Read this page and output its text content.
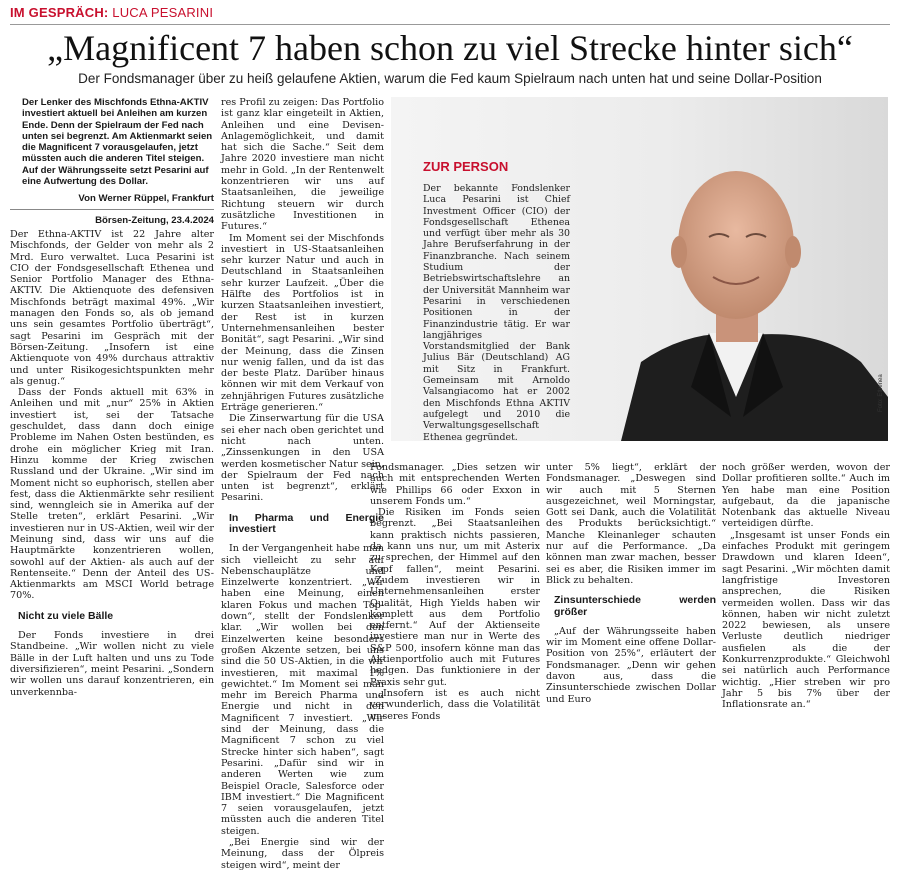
IM GESPRÄCH: LUCA PESARINI
„Magnificent 7 haben schon zu viel Strecke hinter sich“
Der Fondsmanager über zu heiß gelaufene Aktien, warum die Fed kaum Spielraum nach unten hat und seine Dollar-Position
Der Lenker des Mischfonds Ethna-AKTIV investiert aktuell bei Anleihen am kurzen Ende. Denn der Spielraum der Fed nach unten sei begrenzt. Am Aktienmarkt seien die Magnificent 7 vorausgelaufen, jetzt müssten auch die anderen Titel steigen. Auf der Währungsseite setzt Pesarini auf eine Aufwertung des Dollar.
Von Werner Rüppel, Frankfurt
Börsen-Zeitung, 23.4.2024

Der Ethna-AKTIV ist 22 Jahre alter Mischfonds, der Gelder von mehr als 2 Mrd. Euro verwaltet. Luca Pesarini ist CIO der Fondsgesellschaft Ethenea und Senior Portfolio Manager des Ethna-AKTIV. Die Aktienquote des defensiven Mischfonds beträgt maximal 49%. „Wir managen den Fonds so, als ob jemand uns sein gesamtes Portfolio überträgt“, sagt Pesarini im Gespräch mit der Börsen-Zeitung. „Insofern ist eine Aktienquote von 49% durchaus attraktiv und unter Risikogesichtspunkten mehr als genug.“

Dass der Fonds aktuell mit 63% in Anleihen und mit „nur“ 25% in Aktien investiert ist, sei der Tatsache geschuldet, dass dann doch einige Probleme im Nahen Osten bestünden, es drohe ein möglicher Krieg mit Iran. Hinzu komme der Krieg zwischen Russland und der Ukraine. „Wir sind im Moment nicht so euphorisch, stellen aber fest, dass die Aktienmärkte sehr resilient sind, wenngleich sie in Amerika auf der Stelle treten“, erklärt Pesarini. „Wir investieren nur in US-Aktien, weil wir der Meinung sind, dass wir uns auf die Hauptmärkte konzentrieren wollen, sowohl auf der Aktien- als auch auf der Rentenseite.“ Denn der Anteil des US-Aktienmarkts am MSCI World betrage 70%.

Nicht zu viele Bälle

Der Fonds investiere in drei Standbeine. „Wir wollen nicht zu viele Bälle in der Luft halten und uns zu Tode diversifizieren“, meint Pesarini. „Sondern wir wollen uns darauf konzentrieren, ein unverkennba-

res Profil zu zeigen: Das Portfolio ist ganz klar eingeteilt in Aktien, Anleihen und eine Devisen-Anlagemöglichkeit, und damit hat sich die Sache.“ Seit dem Jahre 2020 investiere man nicht mehr in Gold. „In der Rentenwelt konzentrieren wir uns auf Staatsanleihen, die jeweilige Richtung steuern wir durch zusätzliche Investitionen in Futures.“

Im Moment sei der Mischfonds investiert in US-Staatsanleihen sehr kurzer Natur und auch in Deutschland in Staatsanleihen sehr kurzer Laufzeit. „Über die Hälfte des Portfolios ist in kurzen Staatsanleihen investiert, der Rest ist in kurzen Unternehmensanleihen bester Bonität“, sagt Pesarini. „Wir sind der Meinung, dass die Zinsen nur wenig fallen, und da ist das der beste Platz. Darüber hinaus können wir mit dem Verkauf von zehnjährigen Futures zusätzliche Erträge generieren.“

Die Zinserwartung für die USA sei eher nach oben gerichtet und nicht nach unten. „Zinssenkungen in den USA werden kosmetischer Natur sein, der Spielraum der Fed nach unten ist begrenzt“, erklärt Pesarini.

In Pharma und Energie investiert

In der Vergangenheit habe man sich vielleicht zu sehr auf Nebenschauplätze und Einzelwerte konzentriert. „Wir haben eine Meinung, einen klaren Fokus und machen Top-down“, stellt der Fondslenker klar. „Wir wollen bei den Einzelwerten keine besonders großen Akzente setzen, bei uns sind die 50 US-Aktien, in die wir investieren, mit maximal 1% gewichtet.“ Im Moment sei man mehr im Bereich Pharma und Energie und nicht in den Magnificent 7 investiert. „Wir sind der Meinung, dass die Magnificent 7 schon zu viel Strecke hinter sich haben“, sagt Pesarini. „Dafür sind wir in anderen Werten wie zum Beispiel Oracle, Salesforce oder IBM investiert.“ Die Magnificent 7 seien vorausgelaufen, jetzt müssten auch die anderen Titel steigen.

„Bei Energie sind wir der Meinung, dass der Ölpreis steigen wird“, meint der

ZUR PERSON
Der bekannte Fondslenker Luca Pesarini ist Chief Investment Officer (CIO) der Fondsgesellschaft Ethenea und verfügt über mehr als 30 Jahre Berufserfahrung in der Finanzbranche. Nach seinem Studium der Betriebswirtschaftslehre an der Universität Mannheim war Pesarini in verschiedenen Positionen in der Finanzindustrie tätig. Er war langjähriges Vorstandsmitglied der Bank Julius Bär (Deutschland) AG mit Sitz in Frankfurt. Gemeinsam mit Arnoldo Valsangiacomo hat er 2002 den Mischfonds Ethna AKTIV aufgelegt und 2010 die Verwaltungsgesellschaft Ethenea gegründet.
Foto: Ethenea

Fondsmanager. „Dies setzen wir auch mit entsprechenden Werten wie Phillips 66 oder Exxon in unserem Fonds um.“

Die Risiken im Fonds seien begrenzt. „Bei Staatsanleihen kann praktisch nichts passieren, da kann uns nur, um mit Asterix zu sprechen, der Himmel auf den Kopf fallen“, meint Pesarini. „Zudem investieren wir in Unternehmensanleihen erster Qualität, High Yields haben wir komplett aus dem Portfolio entfernt.“ Auf der Aktienseite investiere man nur in Werte des S&P 500, insofern könne man das Aktienportfolio auch mit Futures hedgen. Das funktioniere in der Praxis sehr gut.

„Insofern ist es auch nicht verwunderlich, dass die Volatilität unseres Fonds

unter 5% liegt“, erklärt der Fondsmanager. „Deswegen sind wir auch mit 5 Sternen ausgezeichnet, weil Morningstar, Gott sei Dank, auch die Volatilität des Produkts berücksichtigt.“ Manche Kleinanleger schauten nur auf die Performance. „Da können man zwar machen, besser sei es aber, die Risiken immer im Blick zu behalten.

Zinsunterschiede werden größer

„Auf der Währungsseite haben wir im Moment eine offene Dollar-Position von 25%“, erläutert der Fondsmanager. „Denn wir gehen davon aus, dass die Zinsunterschiede zwischen Dollar und Euro

noch größer werden, wovon der Dollar profitieren sollte.“ Auch im Yen habe man eine Position aufgebaut, da die japanische Notenbank das aktuelle Niveau verteidigen dürfte.

„Insgesamt ist unser Fonds ein einfaches Produkt mit geringem Drawdown und klaren Ideen“, sagt Pesarini. „Wir möchten damit langfristige Investoren ansprechen, die Risiken vermeiden wollen. Dass wir das können, haben wir nicht zuletzt 2022 bewiesen, als unsere Verluste deutlich niedriger ausfielen als die der Konkurrenzprodukte.“ Gleichwohl sei natürlich auch Performance wichtig. „Hier streben wir pro Jahr 5 bis 7% über der Inflationsrate an.“
